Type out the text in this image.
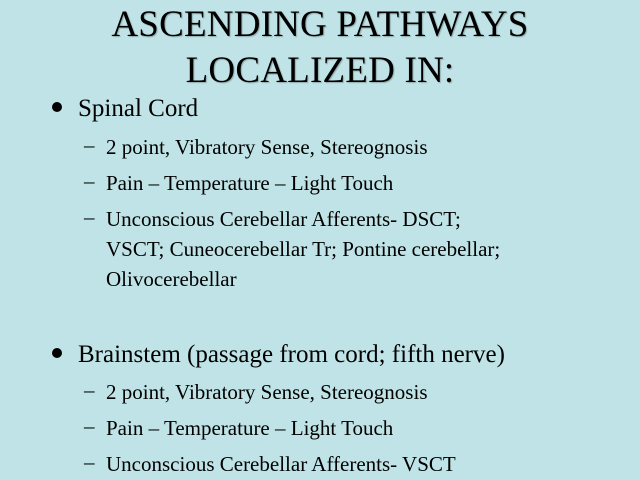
ASCENDING PATHWAYS
LOCALIZED IN:
Spinal Cord
– 2 point, Vibratory Sense, Stereognosis
– Pain – Temperature – Light Touch
– Unconscious Cerebellar Afferents- DSCT;
VSCT; Cuneocerebellar Tr; Pontine cerebellar;
Olivocerebellar
Brainstem (passage from cord; fifth nerve)
– 2 point, Vibratory Sense, Stereognosis
– Pain – Temperature – Light Touch
– Unconscious Cerebellar Afferents- VSCT
